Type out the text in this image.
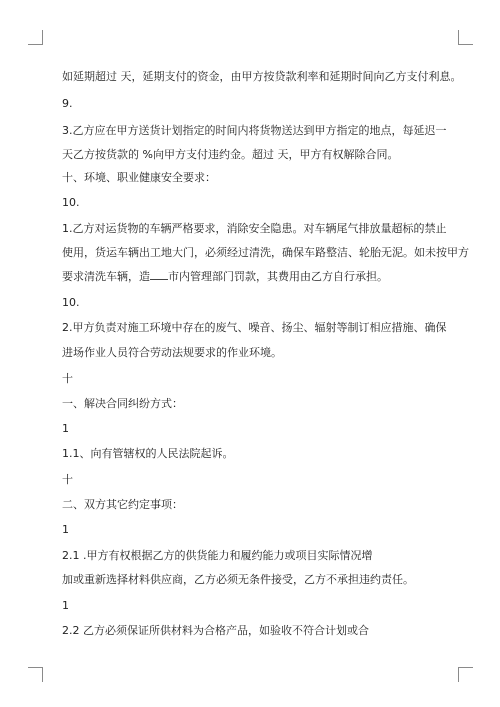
如延期超过 天，延期支付的资金，由甲方按贷款利率和延期时间向乙方支付利息。
9.
3.乙方应在甲方送货计划指定的时间内将货物送达到甲方指定的地点，每延迟一
天乙方按货款的 %向甲方支付违约金。超过 天，甲方有权解除合同。
十、环境、职业健康安全要求：
10.
1.乙方对运货物的车辆严格要求，消除安全隐患。对车辆尾气排放量超标的禁止
使用，货运车辆出工地大门，必须经过清洗，确保车路整洁、轮胎无泥。如未按甲方
要求清洗车辆，造 市内管理部门罚款，其费用由乙方自行承担。
10.
2.甲方负责对施工环境中存在的废气、噪音、扬尘、辐射等制订相应措施、确保
进场作业人员符合劳动法规要求的作业环境。
十
一、解决合同纠纷方式：
1
1.1、向有管辖权的人民法院起诉。
十
二、双方其它约定事项：
1
2.1 .甲方有权根据乙方的供货能力和履约能力或项目实际情况增
加或重新选择材料供应商，乙方必须无条件接受，乙方不承担违约责任。
1
2.2 乙方必须保证所供材料为合格产品，如验收不符合计划或合
